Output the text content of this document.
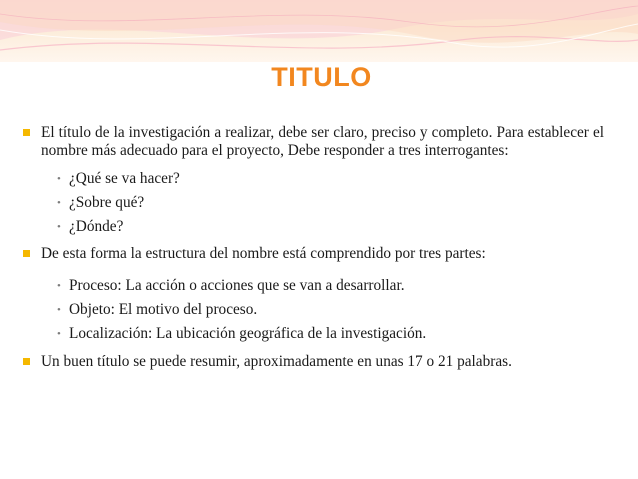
TITULO
El título de la investigación a realizar, debe ser claro, preciso y completo. Para establecer el nombre más adecuado para el proyecto, Debe responder a tres interrogantes:
• ¿Qué se va hacer?
• ¿Sobre qué?
• ¿Dónde?
De esta forma la estructura del nombre está comprendido por tres partes:
• Proceso: La acción o acciones que se van a desarrollar.
• Objeto: El motivo del proceso.
• Localización: La ubicación geográfica de la investigación.
Un buen título se puede resumir, aproximadamente en unas 17 o 21 palabras.
